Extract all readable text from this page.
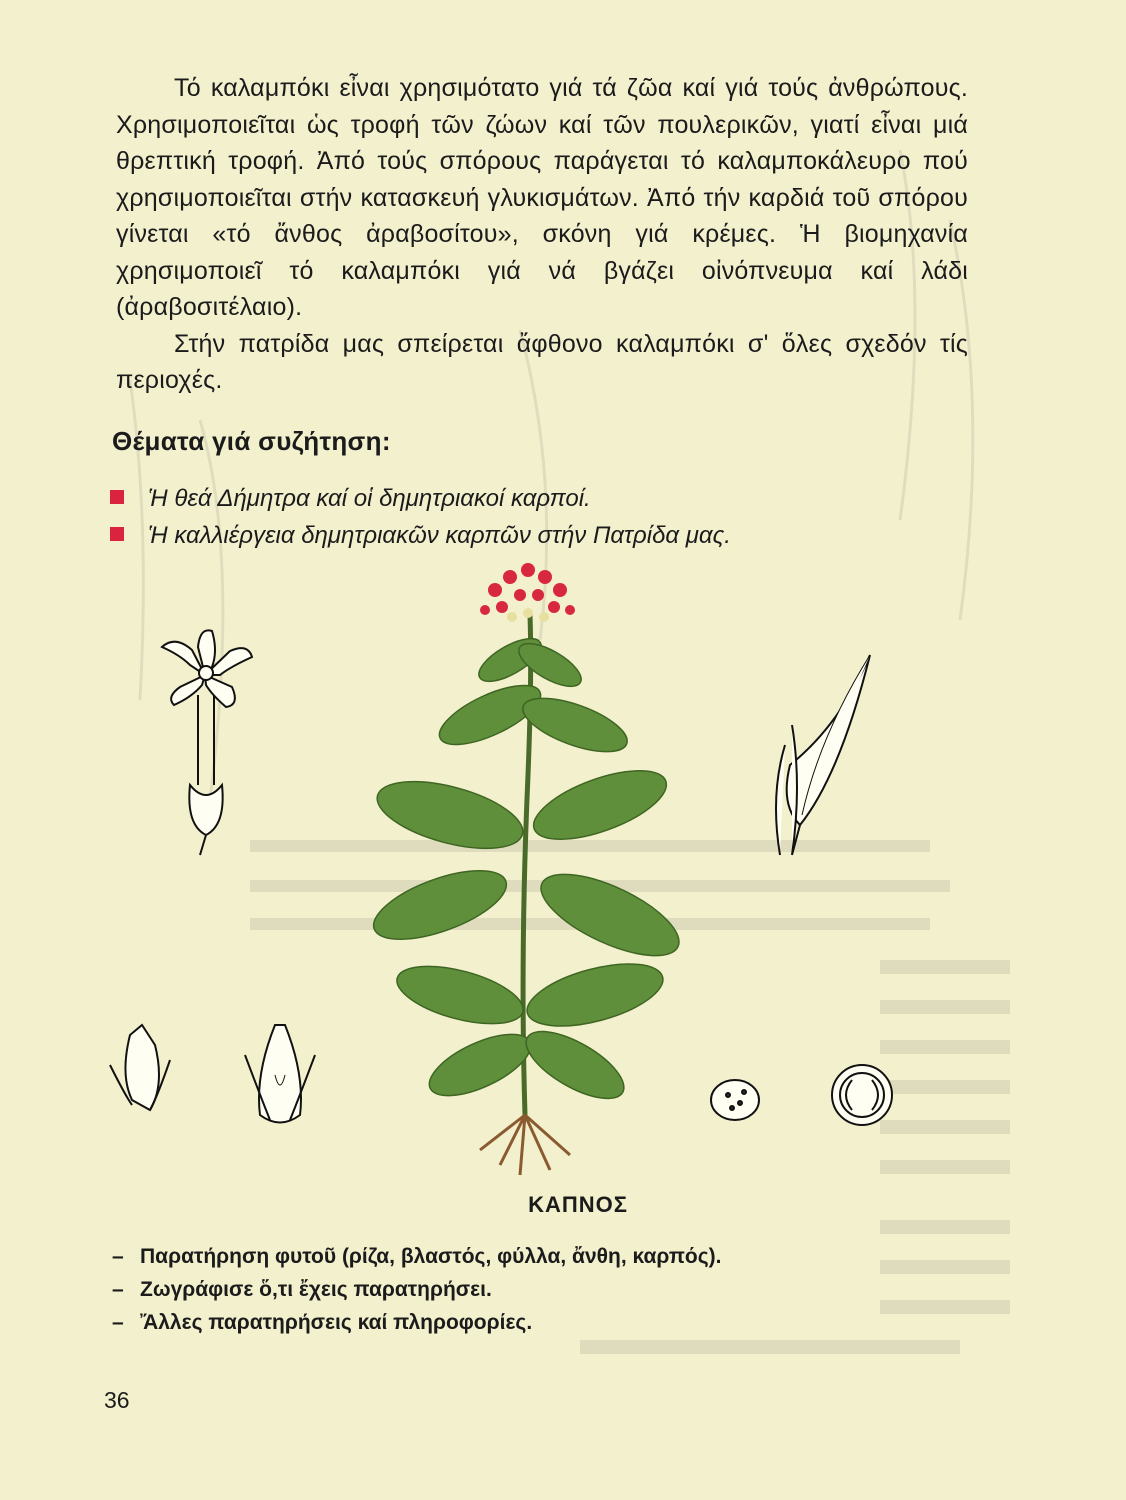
Τό καλαμπόκι εἶναι χρησιμότατο γιά τά ζῶα καί γιά τούς ἀνθρώπους. Χρησιμοποιεῖται ὡς τροφή τῶν ζώων καί τῶν πουλερικῶν, γιατί εἶναι μιά θρεπτική τροφή. Ἀπό τούς σπόρους παράγεται τό καλαμποκάλευρο πού χρησιμοποιεῖται στήν κατασκευή γλυκισμάτων. Ἀπό τήν καρδιά τοῦ σπόρου γίνεται «τό ἄνθος ἀραβοσίτου», σκόνη γιά κρέμες. Ἡ βιομηχανία χρησιμοποιεῖ τό καλαμπόκι γιά νά βγάζει οἰνόπνευμα καί λάδι (ἀραβοσιτέλαιο).

Στήν πατρίδα μας σπείρεται ἄφθονο καλαμπόκι σ' ὅλες σχεδόν τίς περιοχές.

Θέματα γιά συζήτηση:
Ἡ θεά Δήμητρα καί οἱ δημητριακοί καρποί.
Ἡ καλλιέργεια δημητριακῶν καρπῶν στήν Πατρίδα μας.
ΚΑΠΝΟΣ
– Παρατήρηση φυτοῦ (ρίζα, βλαστός, φύλλα, ἄνθη, καρπός).
– Ζωγράφισε ὅ,τι ἔχεις παρατηρήσει.
– Ἄλλες παρατηρήσεις καί πληροφορίες.
36
